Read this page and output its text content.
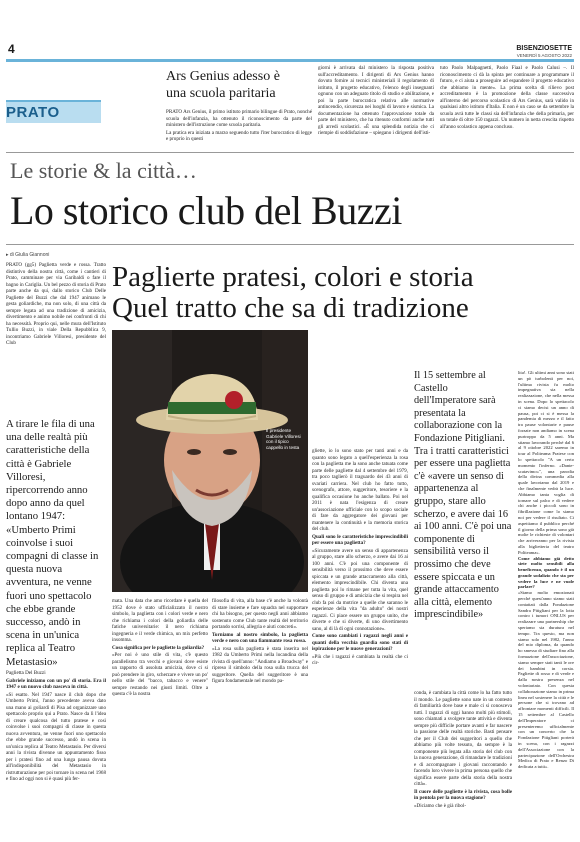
4	BISENZIOSETTE
VENERDÌ 5 AGOSTO 2022
PRATO
Ars Genius adesso è
una scuola paritaria

PRATO Ars Genius, il primo istituto primario bilingue di Prato, nonché scuola dell'infanzia, ha ottenuto il riconoscimento da parte del ministero dell'istruzione come scuola paritaria.

La pratica era iniziata a marzo seguendo tutto l'iter burocratico di legge e proprio in questi

giorni è arrivata dal ministero la risposta positiva sull'accreditamento. I dirigenti di Ars Genius hanno dovuto fornire ai tecnici ministeriali il regolamento di istituto, il progetto educativo, l'elenco degli insegnanti ognuno con un adeguato titolo di studio e abilitazione, e poi la parte burocratica relativa alle normative antincendio, sicurezza nei luoghi di lavoro e sismica. La documentazione ha ottenuto l'approvazione totale da parte del ministero, che ha ritenuto conformi anche tutti gli arredi scolastici. «È una splendida notizia che ci riempie di soddisfazione – spiegano i dirigenti dell'isti-
tuto Paolo Malpagnetti, Paolo Fiaal e Paolo Calusi –. Il riconoscimento ci dà la spinta per continuare a programmare il futuro, e ci aiuta a proseguire ad espandere il progetto educativo che abbiamo in mente». La prima scelta di rilievo post accreditamento è la promozione della classe successiva all'interno del percorso scolastico di Ars Genius, sarà valido in qualsiasi altro istituto d'Italia. E non è un caso se da settembre la scuola avrà tutte le classi sia dell'infanzia che della primaria, per un totale di oltre 150 ragazzi. Un numero in netta crescita rispetto all'anno scolastico appena concluso.
Le storie & la città…
Lo storico club del Buzzi
▸ di Giulia Giannoni
Paglierte pratesi, colori e storia
Quel tratto che sa di tradizione
PRATO (gg5) Paglietta verde e rossa. Tratto distintivo della nostra città, come i cantieri di Prato, camminare per via Garibaldi o fare il bagno in Cariglia. Un bel pezzo di storia di Prato parte anche da qui, dallo storico Club Delle Pagliette del Buzzi che dal 1947 animano le gesta goliardiche, ma non solo, di una città da sempre legata ad una tradizione di amicizia, divertimento e animo nobile nei confronti di chi ha necessità. Proprio qui, nelle mura dell'Istituto Tullio Buzzi, in viale Della Repubblica 9, incontriamo Gabriele Villoresi, presidente del Club
A tirare le fila di una una delle realtà più caratteristiche della città è Gabriele Villoresi, ripercorrendo anno dopo anno da quel lontano 1947: «Umberto Primi coinvolse i suoi compagni di classe in questa nuova avventura, ne venne fuori uno spettacolo che ebbe grande successo, andò in scena in un'unica replica al Teatro Metastasio»

Paglietta Del Buzzi

Gabriele iniziamo con un po' di storia. Era il 1947 e un nuovo club nasceva in città.

«Si esatto. Nel 1947 nasce il club dopo che Umberto Primi, l'anno precedente aveva dato una mano ai goliardi di Pisa ad organizzare uno spettacolo proprio qui a Prato. Nasce da lì l'idea di creare qualcosa del tutto pratese e così coinvolse i suoi compagni di classe in questa nuova avventura, ne venne fuori uno spettacolo che ebbe grande successo, andò in scena in un'unica replica al Teatro Metastasio. Per diversi anni la rivista divenne un appuntamento fisso per i pratesi fino ad una lunga pausa dovuta all'indisponibilità del Metastasio in ristrutturazione per poi tornare in scena nel 1968 e fino ad oggi non si è quasi più fer-

Il presidente Gabriele Villoresi con il tipico cappello in testa

mata. Una data che amo ricordare è quella del 1952 dove è stato ufficializzato il nostro simbolo, la paglietta con i colori verde e nero che richiama i colori della goliardia delle fatiche universitarie: il nero richiama ingegneria e il verde chimica, un mix perfetto insomma.

Cosa significa per le pagliette la goliardia?

«Per noi è uno stile di vita, c'è questo parallelismo tra vecchi e giovani dove esiste un rapporto di assoluta amicizia, dove ci si può prendere in giro, scherzare e vivere un po' nello stile del "bacco, tabacco e venere" sempre restando nei giusti limiti. Oltre a questa c'è la nostra

filosofia di vita, alla base c'è anche la volontà di stare insieme e fare squadra nel supportare chi ha bisogno, per questo negli anni abbiamo sostenuto come Club tante realtà del territorio portando sorrisi, allegria e aiuti concreti».

Torniamo al nostro simbolo, la paglietta verde e nero con una fiammante rosa rossa.

«La rosa sulla paglietta è stata inserita nel 1982 da Umberto Primi nella locandina della rivista di quell'anno: "Andiamo a Broadway" e ripreso il simbolo della rosa sulla trucca del suggeritore. Quella del suggeritore è una figura fondamentale nel mondo pa-

gliette, io lo sono stato per tanti anni e da quanto sono legato a quell'esperienza la rosa con la paglietta me la sono anche tatuata come parte delle pagliette dal 4 settembre del 1979, tra poco taglierò il traguardo dei 43 anni di svariati carriera. Nel club ho fatto tutto, scenografo, attore, suggeritore, tesoriere e la qualifica occasione ho anche ballato. Poi nel 2011 è nata l'esigenza di creare un'associazione ufficiale con lo scopo sociale di fare da aggregatore dei giovani per mantenere la continuità e la memoria storica del club.

Quali sono le caratteristiche imprescindibili per essere una paglietta?

«Sicuramente avere un senso di appartenenza al gruppo, stare allo scherzo, e avere dai 16 ai 100 anni. C'è poi una componente di sensibilità verso il prossimo che deve essere spiccata e un grande attaccamento alla città, elemento imprescindibile. Chi diventa una paglietta poi lo rimane per tutta la vita, quel senso di gruppo e di amicizia che si respira nel club fa poi da motrice a quelle che saranno le esperienze della vita "da adulto" dei nostri ragazzi. Ci piace essere un gruppo unito, che diverte e che si diverte, di uno divertimento sano, al di là di ogni connotazione».

Come sono cambiati i ragazzi negli anni e quanti della vecchia guardia sono stati di ispirazione per le nuove generazioni?

«Più che i ragazzi è cambiata la realtà che ci cir-

Il 15 settembre al Castello dell'Imperatore sarà presentata la collaborazione con la Fondazione Pitigliani. Tra i tratti caratteristici per essere una paglietta c'è «avere un senso di appartenenza al gruppo, stare allo scherzo, e avere dai 16 ai 100 anni. C'è poi una componente di sensibilità verso il prossimo che deve essere spiccata e un grande attaccamento alla città, elemento imprescindibile»

conda, è cambiata la città come lo ha fatto tutto il mondo. Le pagliette sono nate in un contesto di familiarità dove base e male ci si conosceva tutti. I ragazzi di oggi hanno molti più stimoli, sono chiamati a svolgere tante attività e diventa sempre più difficile portare avanti e far nascere la passione delle realtà storiche. Basti pensare che per il Club dei suggeritori a quello che abbiamo più volte tessuto, da sempre è la componente più legata alla storia del club con la nuova generazione, di rimandare le tradizioni e di accompagnare i giovani raccontando e facendo loro vivere in prima persona quello che significa essere parte della storia della nostra città».

Il cuore delle pagliette è la rivista, cosa bolle in pentola per la nuova stagione?

«Diciamo che è già ribol-

lita!. Gli ultimi anni sono stati un pò turbolenti per noi, l'ultima rivista fu molto impegnativa sia nella realizzazione, che nella messa in scena. Dopo lo spettacolo ci siamo decisi un anno di pausa, poi ci si è messa la pandemia di mezzo e il fatto tra pause volontarie e pause forzate non andiamo in scena purtroppo da 5 anni. Ma stiamo lavorando perché dal 6 al 9 ottobre 2022 saremo in tour al Politeama Pratese con lo spettacolo "A un certo momento l'inferno. «Dante-scatavimo»", una parodia della divina commedia alla quale lavoriamo dal 2019 e che finalmente vedrà la luce. Abbiamo tanta voglia di tornare sul palco e di vedere chi anche i piccoli sono in fibrillazione come lo siamo noi per vedere il risultato. Ci aspettiamo il pubblico perché il giorno della prima sono già molte le richieste di volontari che arriveranno per la rivista alla biglietteria del teatro Politeama».

Come abbiamo già detto siete molto sensibili alla beneficenza, quando è il un grande sodalizio che sta per vedere la luce e ne vuole parlare?

«Siamo molto emozionati perché quest'anno siamo stati contattati dalla Fondazione Sandra Pitigliani per la lotta contro i tumori ONLUS per realizzare una partnership che speriamo sia duratura nel tempo. Tra questo, ma non siamo solo nel 1982, l'anno del mio diploma, da quando ho smesso di studiare fino alla formazione dell'associazione, siamo sempre stati tanti le ore dei bambini in corsia. Pagliette di rosso e di verde e dalla nostra presenza nel volontariato. Con questa collaborazione siamo in prima linea nel sostenere la città e le persone che si trovano ad affrontare momenti difficili. Il 15 settembre al Castello dell'Imperatore ci presenteremo ufficialmente con un concerto che la Fondazione Pitigliani porterà in scena, con i ragazzi dell'Associazione con la partecipazione dell'Orchestra Medica di Prato e Renzo Di dedicata a tutti».
